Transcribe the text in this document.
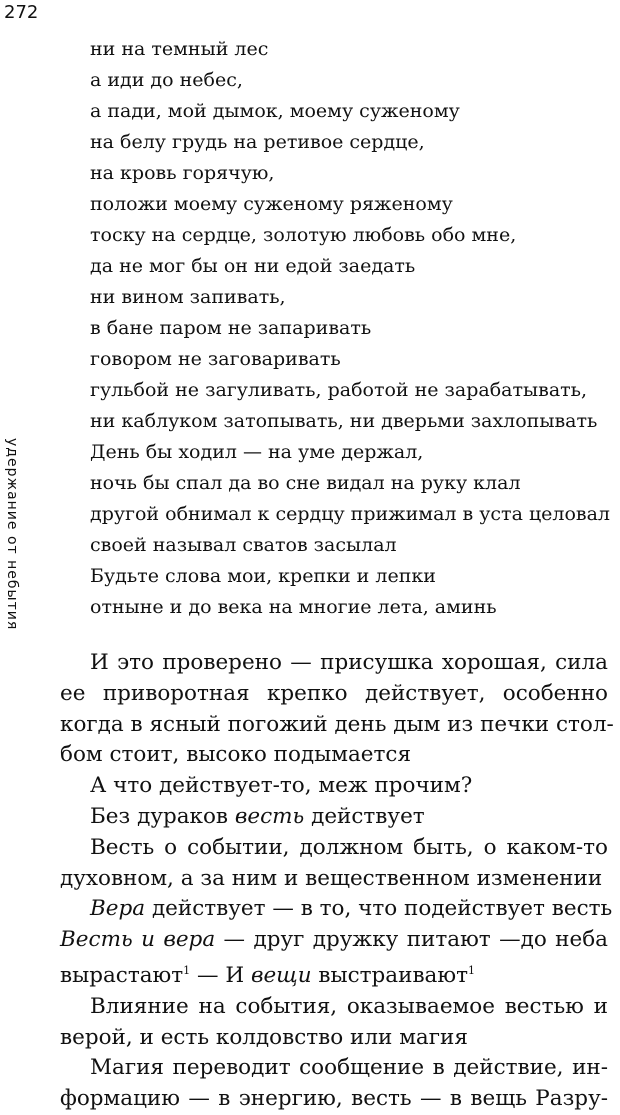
272
удержание от небытия
ни на темный лес
а иди до небес,
а пади, мой дымок, моему суженому
на белу грудь на ретивое сердце,
на кровь горячую,
положи моему суженому ряженому
тоску на сердце, золотую любовь обо мне,
да не мог бы он ни едой заедать
ни вином запивать,
в бане паром не запаривать
говором не заговаривать
гульбой не загуливать, работой не зарабатывать,
ни каблуком затопывать, ни дверьми захлопывать
День бы ходил — на уме держал,
ночь бы спал да во сне видал на руку клал
другой обнимал к сердцу прижимал в уста целовал
своей называл сватов засылал
Будьте слова мои, крепки и лепки
отныне и до века на многие лета, аминь
И это проверено — присушка хорошая, сила
ее приворотная крепко действует, особенно
когда в ясный погожий день дым из печки стол-
бом стоит, высоко подымается
А что действует-то, меж прочим?
Без дураков весть действует
Весть о событии, должном быть, о каком-то
духовном, а за ним и вещественном изменении
Вера действует — в то, что подействует весть
Весть и вера — друг дружку питают —до неба
вырастают$^1$ — И вещи выстраивают$^1$
Влияние на события, оказываемое вестью и
верой, и есть колдовство или магия
Магия переводит сообщение в действие, ин-
формацию — в энергию, весть — в вещь Разру-
